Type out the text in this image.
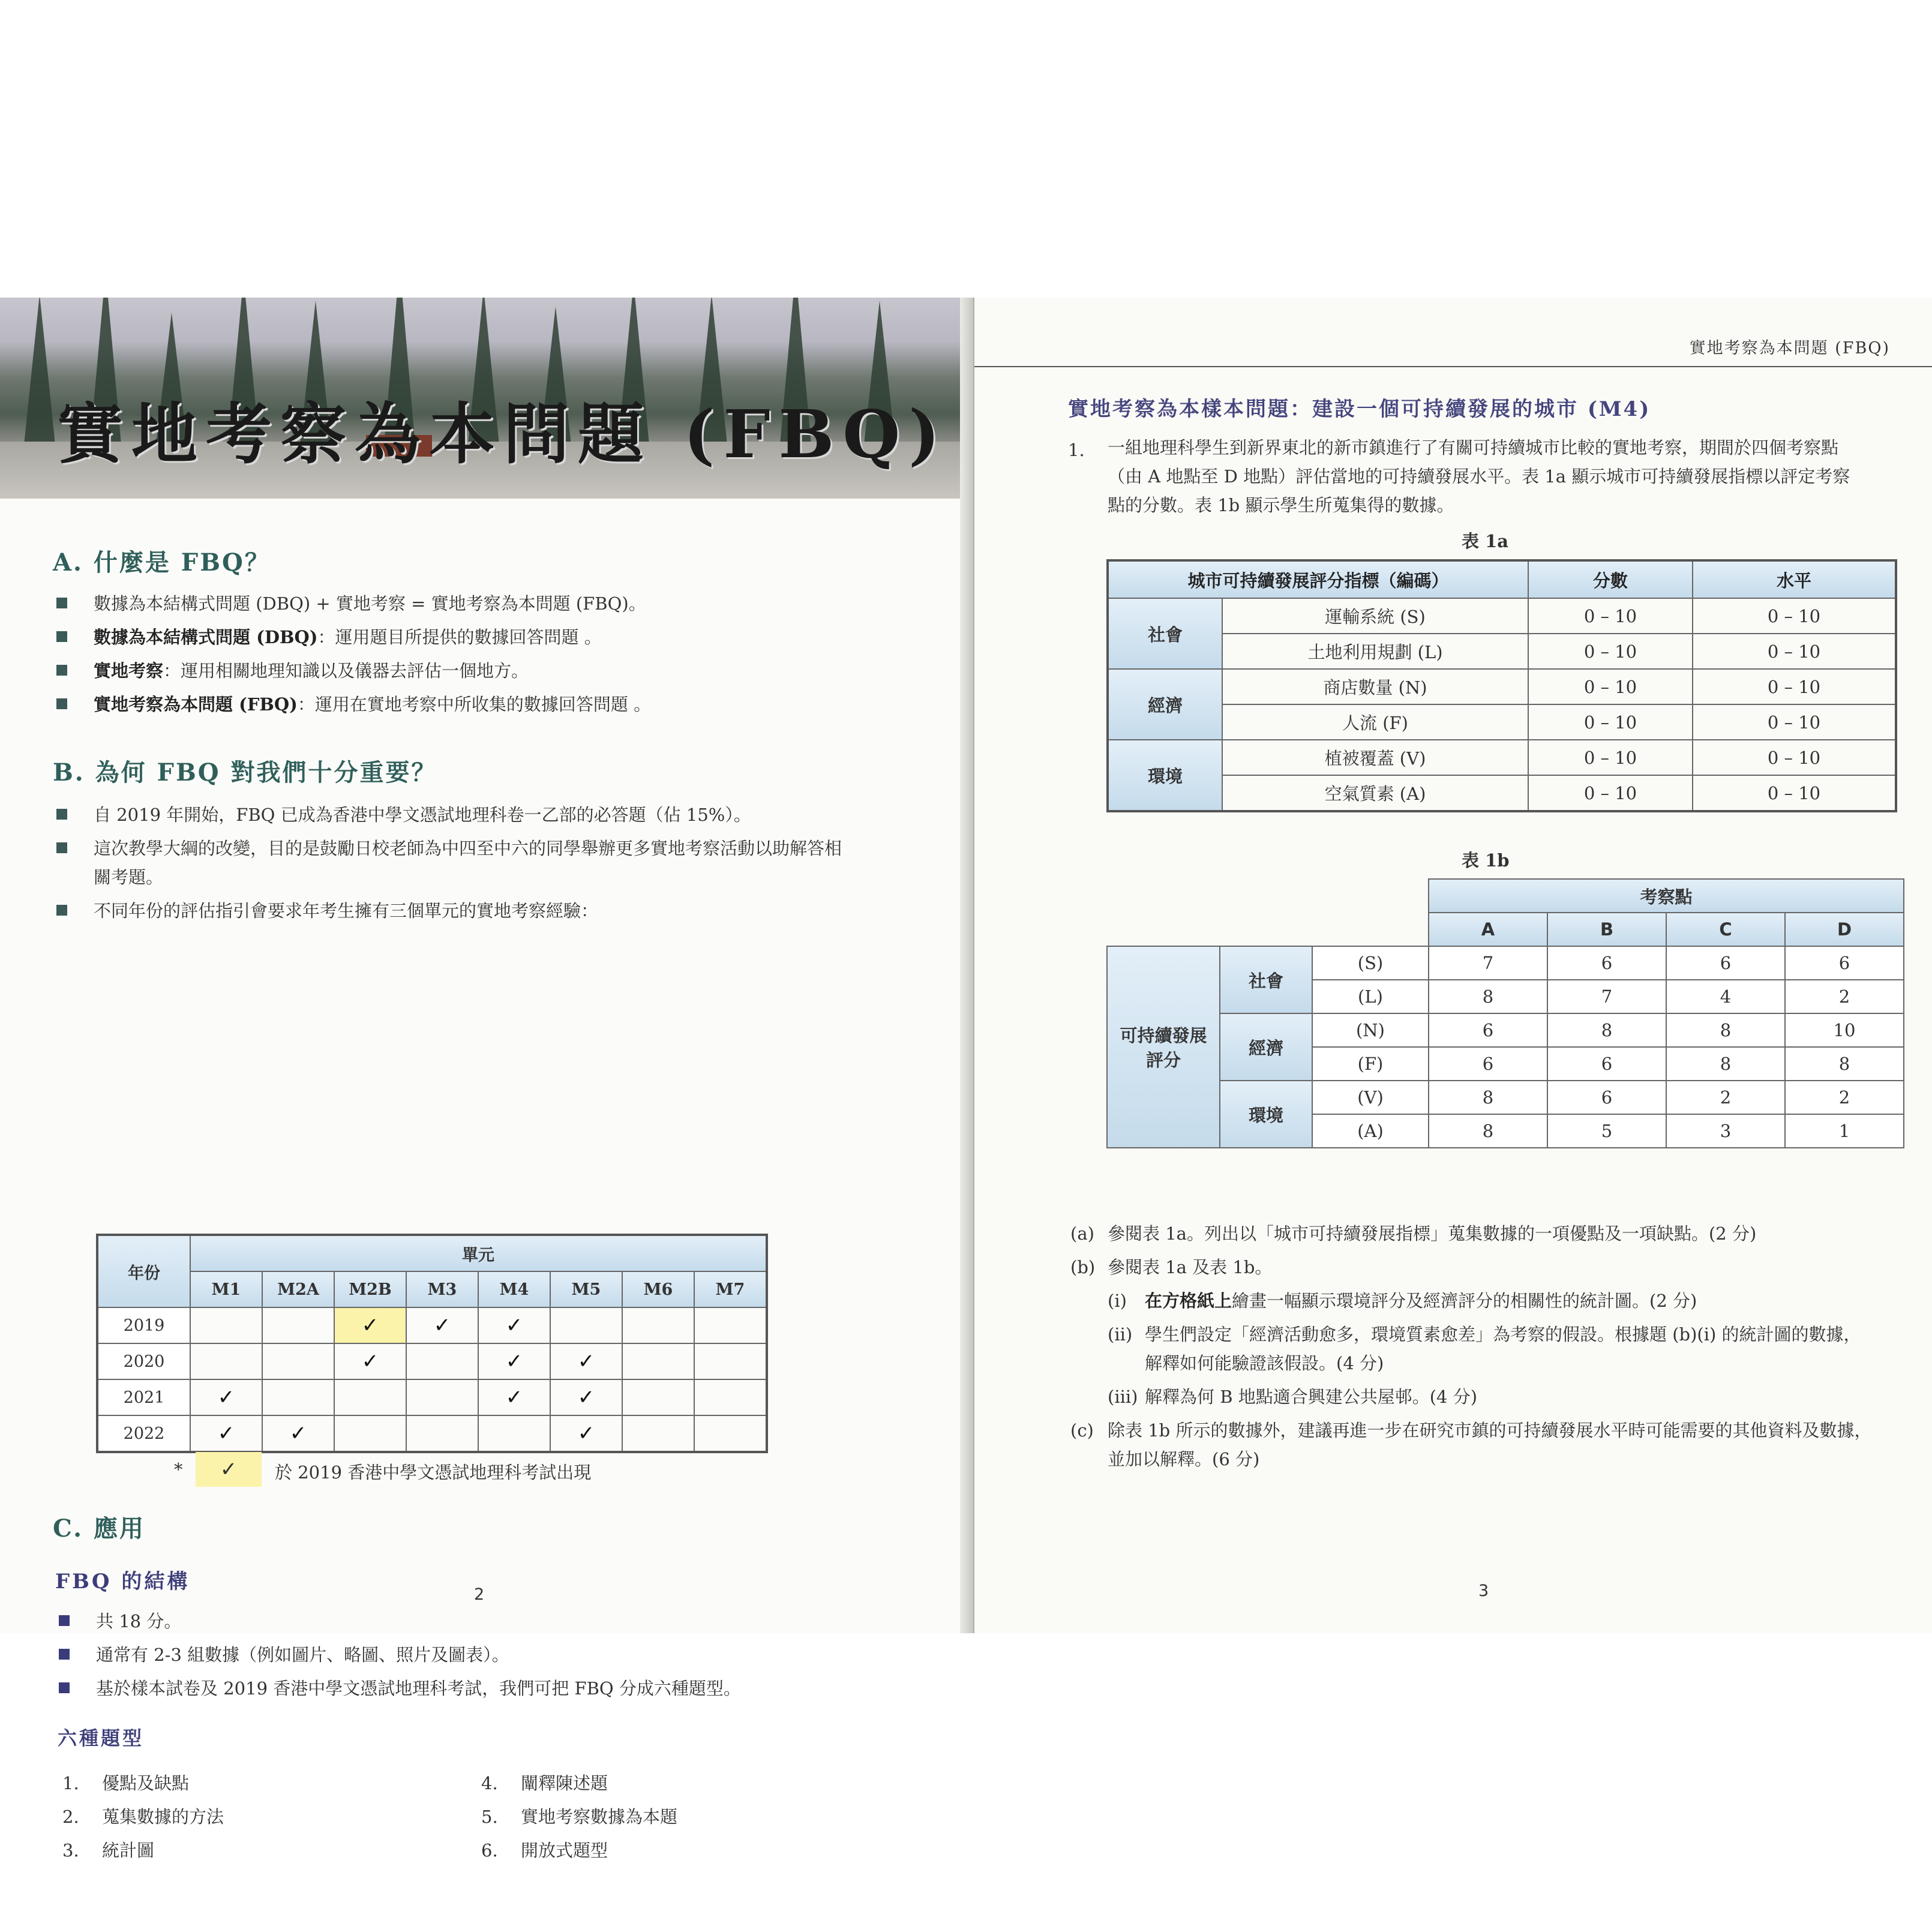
實地考察為本問題 (FBQ)
A. 什麼是 FBQ？
數據為本結構式問題 (DBQ) + 實地考察 = 實地考察為本問題 (FBQ)。
數據為本結構式問題 (DBQ)：運用題目所提供的數據回答問題 。
實地考察：運用相關地理知識以及儀器去評估一個地方。
實地考察為本問題 (FBQ)：運用在實地考察中所收集的數據回答問題 。
B. 為何 FBQ 對我們十分重要？
自 2019 年開始，FBQ 已成為香港中學文憑試地理科卷一乙部的必答題（佔 15%）。
這次教學大綱的改變，目的是鼓勵日校老師為中四至中六的同學舉辦更多實地考察活動以助解答相
關考題。
不同年份的評估指引會要求年考生擁有三個單元的實地考察經驗：
年份	單元							
	M1	M2A	M2B	M3	M4	M5	M6	M7
2019			✓	✓	✓			
2020			✓		✓	✓		
2021	✓				✓	✓		
2022	✓	✓				✓		
*	✓	於 2019 香港中學文憑試地理科考試出現
C. 應用
FBQ 的結構
共 18 分。
通常有 2-3 組數據（例如圖片、略圖、照片及圖表）。
基於樣本試卷及 2019 香港中學文憑試地理科考試，我們可把 FBQ 分成六種題型。
六種題型
1. 優點及缺點
2. 蒐集數據的方法
3. 統計圖
4. 闡釋陳述題
5. 實地考察數據為本題
6. 開放式題型
2
實地考察為本問題 (FBQ)
實地考察為本樣本問題：建設一個可持續發展的城市 (M4)
1. 一組地理科學生到新界東北的新市鎮進行了有關可持續城市比較的實地考察，期間於四個考察點
（由 A 地點至 D 地點）評估當地的可持續發展水平。表 1a 顯示城市可持續發展指標以評定考察
點的分數。表 1b 顯示學生所蒐集得的數據。
表 1a
城市可持續發展評分指標（編碼）		分數	水平
社會	運輸系統 (S)	0 – 10	0 – 10
	土地利用規劃 (L)	0 – 10	0 – 10
經濟	商店數量 (N)	0 – 10	0 – 10
	人流 (F)	0 – 10	0 – 10
環境	植被覆蓋 (V)	0 – 10	0 – 10
	空氣質素 (A)	0 – 10	0 – 10
表 1b
			考察點			
			A	B	C	D
可持續發展
評分	社會	(S)	7	6	6	6
		(L)	8	7	4	2
	經濟	(N)	6	8	8	10
		(F)	6	6	8	8
	環境	(V)	8	6	2	2
		(A)	8	5	3	1
(a) 參閱表 1a。列出以「城市可持續發展指標」蒐集數據的一項優點及一項缺點。(2 分)
(b) 參閱表 1a 及表 1b。
(i) 在方格紙上繪畫一幅顯示環境評分及經濟評分的相關性的統計圖。(2 分)
(ii) 學生們設定「經濟活動愈多，環境質素愈差」為考察的假設。根據題 (b)(i) 的統計圖的數據，
解釋如何能驗證該假設。(4 分)
(iii) 解釋為何 B 地點適合興建公共屋邨。(4 分)
(c) 除表 1b 所示的數據外，建議再進一步在研究市鎮的可持續發展水平時可能需要的其他資料及數據，
並加以解釋。(6 分)
3
